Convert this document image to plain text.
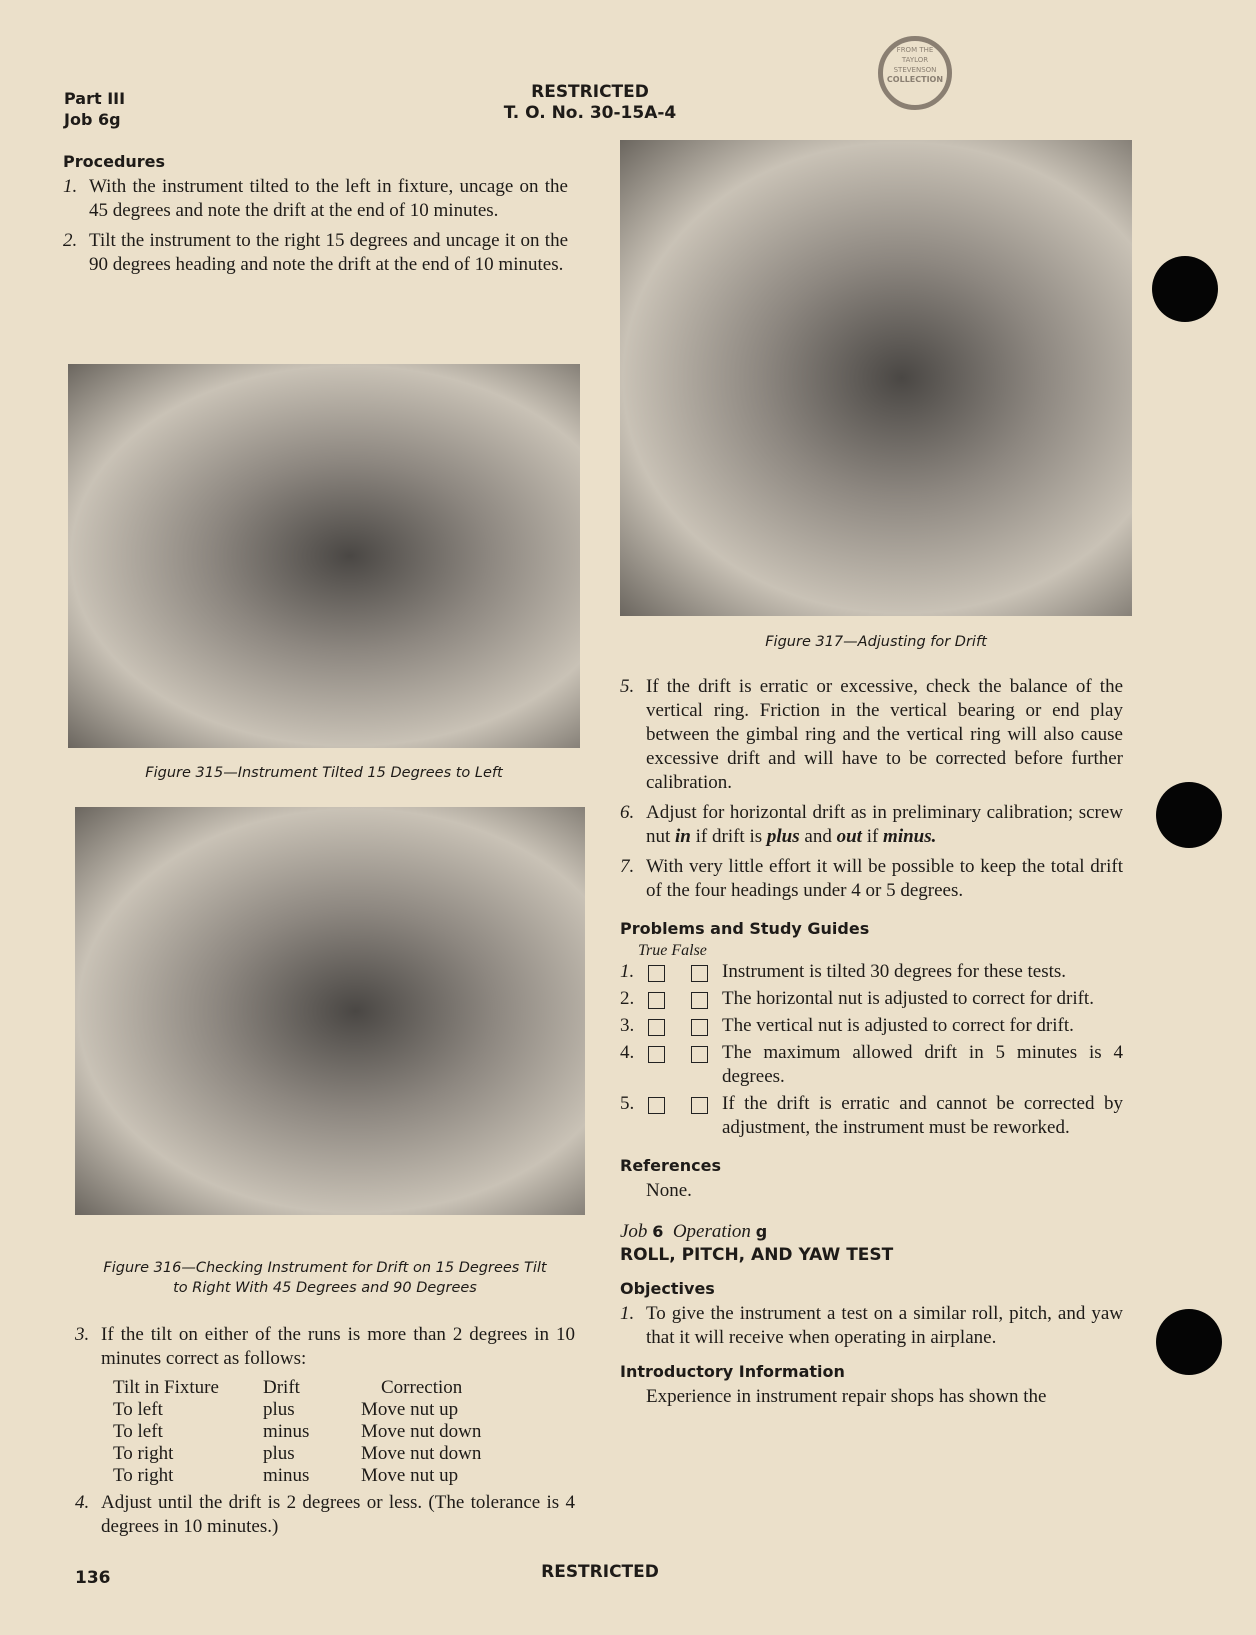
Part III
Job 6g
RESTRICTED
T. O. No. 30-15A-4
FROM THE
TAYLOR
STEVENSON
COLLECTION
Procedures
1. With the instrument tilted to the left in fixture, uncage on the 45 degrees and note the drift at the end of 10 minutes.
2. Tilt the instrument to the right 15 degrees and uncage it on the 90 degrees heading and note the drift at the end of 10 minutes.
Figure 315—Instrument Tilted 15 Degrees to Left
Figure 316—Checking Instrument for Drift on 15 Degrees Tilt
to Right With 45 Degrees and 90 Degrees
3. If the tilt on either of the runs is more than 2 degrees in 10 minutes correct as follows:
Tilt in Fixture	Drift	Correction
To left	plus	Move nut up
To left	minus	Move nut down
To right	plus	Move nut down
To right	minus	Move nut up
4. Adjust until the drift is 2 degrees or less. (The tolerance is 4 degrees in 10 minutes.)
Figure 317—Adjusting for Drift
5. If the drift is erratic or excessive, check the balance of the vertical ring. Friction in the vertical bearing or end play between the gimbal ring and the vertical ring will also cause excessive drift and will have to be corrected before further calibration.
6. Adjust for horizontal drift as in preliminary calibration; screw nut in if drift is plus and out if minus.
7. With very little effort it will be possible to keep the total drift of the four headings under 4 or 5 degrees.
Problems and Study Guides
True False
1.	Instrument is tilted 30 degrees for these tests.
2.	The horizontal nut is adjusted to correct for drift.
3.	The vertical nut is adjusted to correct for drift.
4.	The maximum allowed drift in 5 minutes is 4 degrees.
5.	If the drift is erratic and cannot be corrected by adjustment, the instrument must be reworked.
References
None.
Job 6 Operation g
ROLL, PITCH, AND YAW TEST
Objectives
1. To give the instrument a test on a similar roll, pitch, and yaw that it will receive when operating in airplane.
Introductory Information
Experience in instrument repair shops has shown the
136	RESTRICTED
